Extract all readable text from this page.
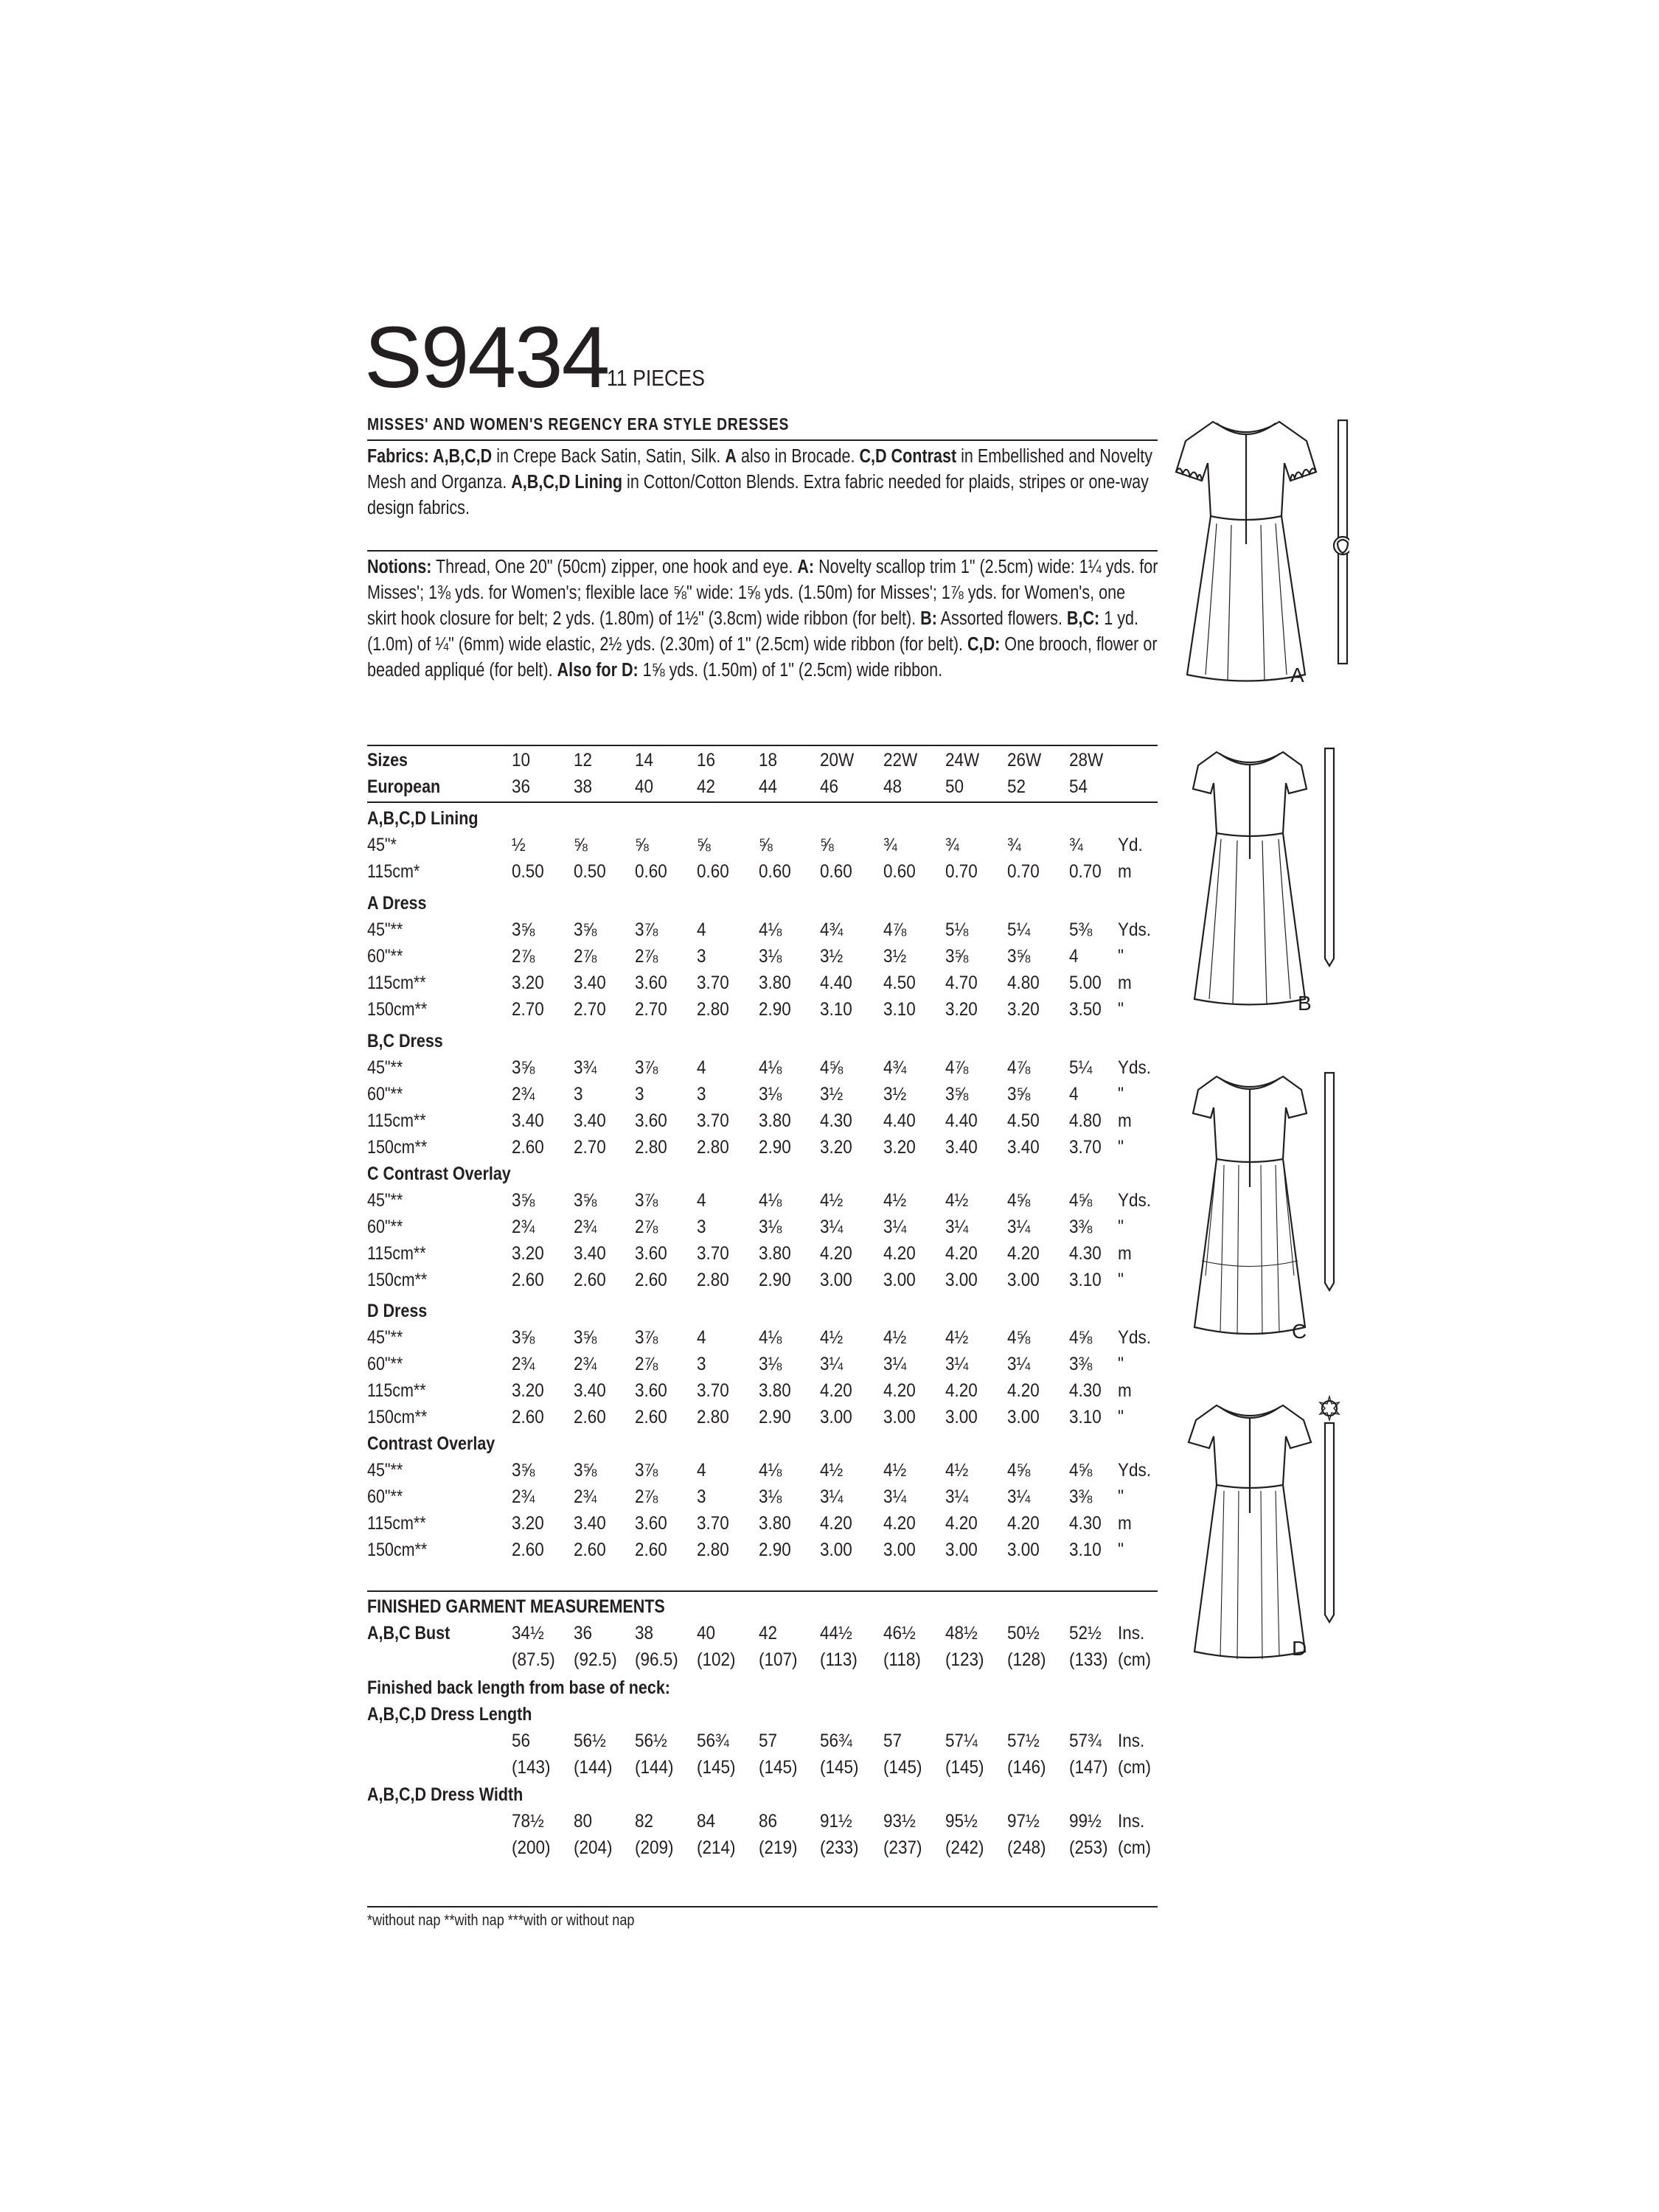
S9434
11 PIECES
MISSES' AND WOMEN'S REGENCY ERA STYLE DRESSES
Fabrics: A,B,C,D in Crepe Back Satin, Satin, Silk. A also in Brocade. C,D Contrast in Embellished and Novelty Mesh and Organza. A,B,C,D Lining in Cotton/Cotton Blends. Extra fabric needed for plaids, stripes or one-way design fabrics.
Notions: Thread, One 20" (50cm) zipper, one hook and eye. A: Novelty scallop trim 1" (2.5cm) wide: 1¼ yds. for Misses'; 1⅜ yds. for Women's; flexible lace ⅝" wide: 1⅝ yds. (1.50m) for Misses'; 1⅞ yds. for Women's, one skirt hook closure for belt; 2 yds. (1.80m) of 1½" (3.8cm) wide ribbon (for belt). B: Assorted flowers. B,C: 1 yd. (1.0m) of ¼" (6mm) wide elastic, 2½ yds. (2.30m) of 1" (2.5cm) wide ribbon (for belt). C,D: One brooch, flower or beaded appliqué (for belt). Also for D: 1⅝ yds. (1.50m) of 1" (2.5cm) wide ribbon.
Sizes	10	12	14	16	18	20W	22W	24W	26W	28W
European	36	38	40	42	44	46	48	50	52	54
A,B,C,D Lining
45"*	½	⅝	⅝	⅝	⅝	⅝	¾	¾	¾	¾	Yd.
115cm*	0.50	0.50	0.60	0.60	0.60	0.60	0.60	0.70	0.70	0.70 m
A Dress
45"**	3⅝	3⅝	3⅞	4	4⅛	4¾	4⅞	5⅛	5¼	5⅜	Yds.
60"**	2⅞	2⅞	2⅞	3	3⅛	3½	3½	3⅝	3⅝	4	"
115cm**	3.20	3.40	3.60	3.70	3.80	4.40	4.50	4.70	4.80	5.00 m
150cm**	2.70	2.70	2.70	2.80	2.90	3.10	3.10	3.20	3.20	3.50 "
B,C Dress
45"**	3⅝	3¾	3⅞	4	4⅛	4⅝	4¾	4⅞	4⅞	5¼	Yds.
60"**	2¾	3	3	3	3⅛	3½	3½	3⅝	3⅝	4	"
115cm**	3.40	3.40	3.60	3.70	3.80	4.30	4.40	4.40	4.50	4.80 m
150cm**	2.60	2.70	2.80	2.80	2.90	3.20	3.20	3.40	3.40	3.70 "
C Contrast Overlay
45"**	3⅝	3⅝	3⅞	4	4⅛	4½	4½	4½	4⅝	4⅝	Yds.
60"**	2¾	2¾	2⅞	3	3⅛	3¼	3¼	3¼	3¼	3⅜	"
115cm**	3.20	3.40	3.60	3.70	3.80	4.20	4.20	4.20	4.20	4.30 m
150cm**	2.60	2.60	2.60	2.80	2.90	3.00	3.00	3.00	3.00	3.10 "
D Dress
45"**	3⅝	3⅝	3⅞	4	4⅛	4½	4½	4½	4⅝	4⅝	Yds.
60"**	2¾	2¾	2⅞	3	3⅛	3¼	3¼	3¼	3¼	3⅜	"
115cm**	3.20	3.40	3.60	3.70	3.80	4.20	4.20	4.20	4.20	4.30 m
150cm**	2.60	2.60	2.60	2.80	2.90	3.00	3.00	3.00	3.00	3.10 "
Contrast Overlay
45"**	3⅝	3⅝	3⅞	4	4⅛	4½	4½	4½	4⅝	4⅝	Yds.
60"**	2¾	2¾	2⅞	3	3⅛	3¼	3¼	3¼	3¼	3⅜	"
115cm**	3.20	3.40	3.60	3.70	3.80	4.20	4.20	4.20	4.20	4.30 m
150cm**	2.60	2.60	2.60	2.80	2.90	3.00	3.00	3.00	3.00	3.10 "
FINISHED GARMENT MEASUREMENTS
A,B,C Bust	34½	36	38	40	42	44½	46½	48½	50½	52½ Ins.
(87.5)	(92.5) (96.5)	(102)	(107)	(113)	(118)	(123)	(128)	(133) (cm)
Finished back length from base of neck:
A,B,C,D Dress Length
56	56½	56½	56¾	57	56¾	57	57¼	57½	57¾ Ins.
(143)	(144)	(144)	(145)	(145)	(145)	(145)	(145)	(146)	(147) (cm)
A,B,C,D Dress Width
78½	80	82	84	86	91½	93½	95½	97½	99½ Ins.
(200)	(204)	(209)	(214)	(219)	(233)	(237)	(242)	(248)	(253) (cm)
*without nap **with nap ***with or without nap
A
B
C
D
